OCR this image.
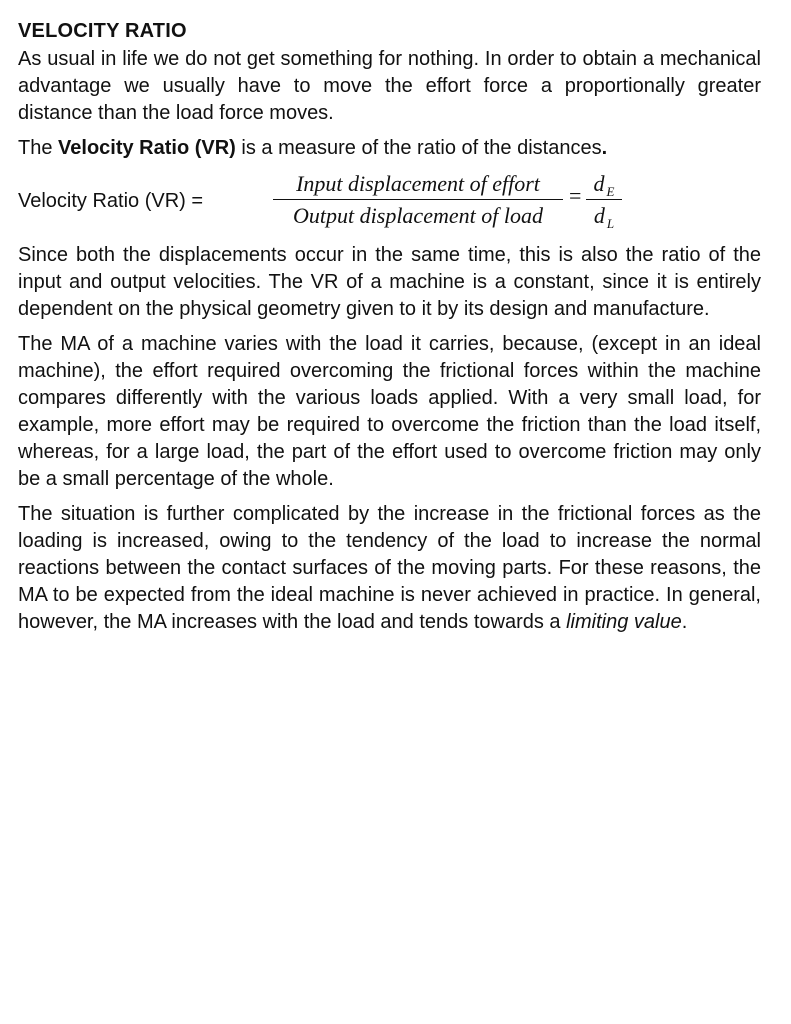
VELOCITY RATIO

As usual in life we do not get something for nothing. In order to obtain a mechanical advantage we usually have to move the effort force a proportionally greater distance than the load force moves.

The Velocity Ratio (VR) is a measure of the ratio of the distances.

Velocity Ratio (VR) =
Input displacement of effort
Output displacement of load
= d $_E$
d $_L$

Since both the displacements occur in the same time, this is also the ratio of the input and output velocities. The VR of a machine is a constant, since it is entirely dependent on the physical geometry given to it by its design and manufacture.

The MA of a machine varies with the load it carries, because, (except in an ideal machine), the effort required overcoming the frictional forces within the machine compares differently with the various loads applied. With a very small load, for example, more effort may be required to overcome the friction than the load itself, whereas, for a large load, the part of the effort used to overcome friction may only be a small percentage of the whole.

The situation is further complicated by the increase in the frictional forces as the loading is increased, owing to the tendency of the load to increase the normal reactions between the contact surfaces of the moving parts. For these reasons, the MA to be expected from the ideal machine is never achieved in practice. In general, however, the MA increases with the load and tends towards a limiting value.
